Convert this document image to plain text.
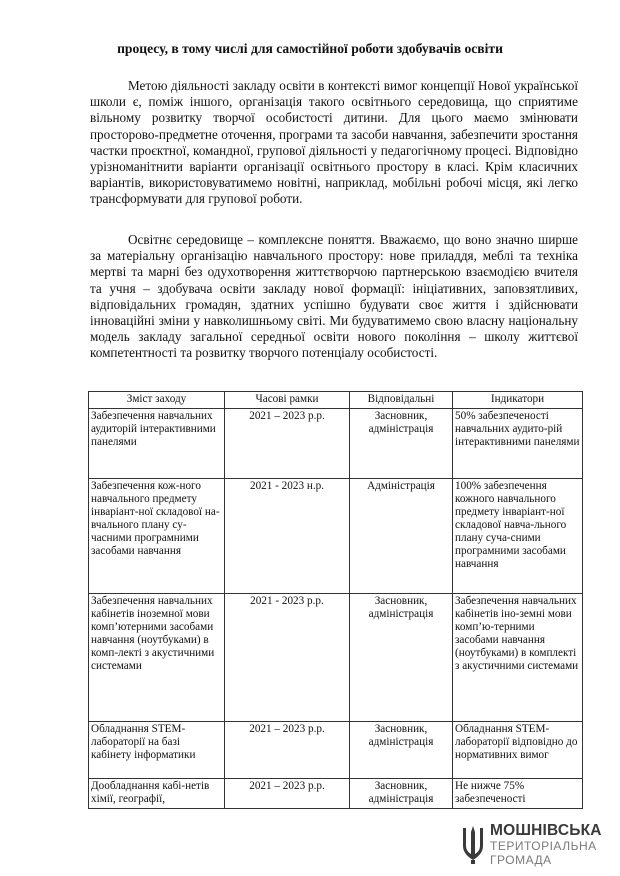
процесу, в тому числі для самостійної роботи здобувачів освіти

Метою діяльності закладу освіти в контексті вимог концепції Нової української школи є, поміж іншого, організація такого освітнього середовища, що сприятиме вільному розвитку творчої особистості дитини. Для цього маємо змінювати просторово-предметне оточення, програми та засоби навчання, забезпечити зростання частки проєктної, командної, групової діяльності у педагогічному процесі. Відповідно урізноманітнити варіанти організації освітнього простору в класі. Крім класичних варіантів, використовуватимемо новітні, наприклад, мобільні робочі місця, які легко трансформувати для групової роботи.

Освітнє середовище – комплексне поняття. Вважаємо, що воно значно ширше за матеріальну організацію навчального простору: нове приладдя, меблі та техніка мертві та марні без одухотворення життєтворчою партнерською взаємодією вчителя та учня – здобувача освіти закладу нової формації: ініціативних, заповзятливих, відповідальних громадян, здатних успішно будувати своє життя і здійснювати інноваційні зміни у навколишньому світі. Ми будуватимемо свою власну національну модель закладу загальної середньої освіти нового покоління – школу життєвої компетентності та розвитку творчого потенціалу особистості.

Зміст заходу	Часові рамки	Відповідальні	Індикатори
Забезпечення навчальних аудиторій інтерактивними панелями	2021 – 2023 р.р.	Засновник, адміністрація	50% забезпеченості навчальних аудито-рій інтерактивними панелями
Забезпечення кож-ного навчального предмету інваріант-ної складової на-вчального плану су-часними програмними засобами навчання	2021 - 2023 н.р.	Адміністрація	100% забезпечення кожного навчального предмету інваріант-ної складової навча-льного плану суча-сними програмними засобами навчання
Забезпечення навчальних кабінетів іноземної мови комп’ютерними засобами навчання (ноутбуками) в комп-лекті з акустичними системами	2021 - 2023 р.р.	Засновник, адміністрація	Забезпечення навчальних кабінетів іно-земні мови комп’ю-терними засобами навчання (ноутбуками) в комплекті з акустичними системами
Обладнання STEM- лабораторії на базі кабінету інформатики	2021 – 2023 р.р.	Засновник, адміністрація	Обладнання STEM-лабораторії відповідно до нормативних вимог
Дообладнання кабі-нетів хімії, географії,	2021 – 2023 р.р.	Засновник, адміністрація	Не нижче 75% забезпеченості
МОШНІВСЬКА
ТЕРИТОРІАЛЬНА
ГРОМАДА
